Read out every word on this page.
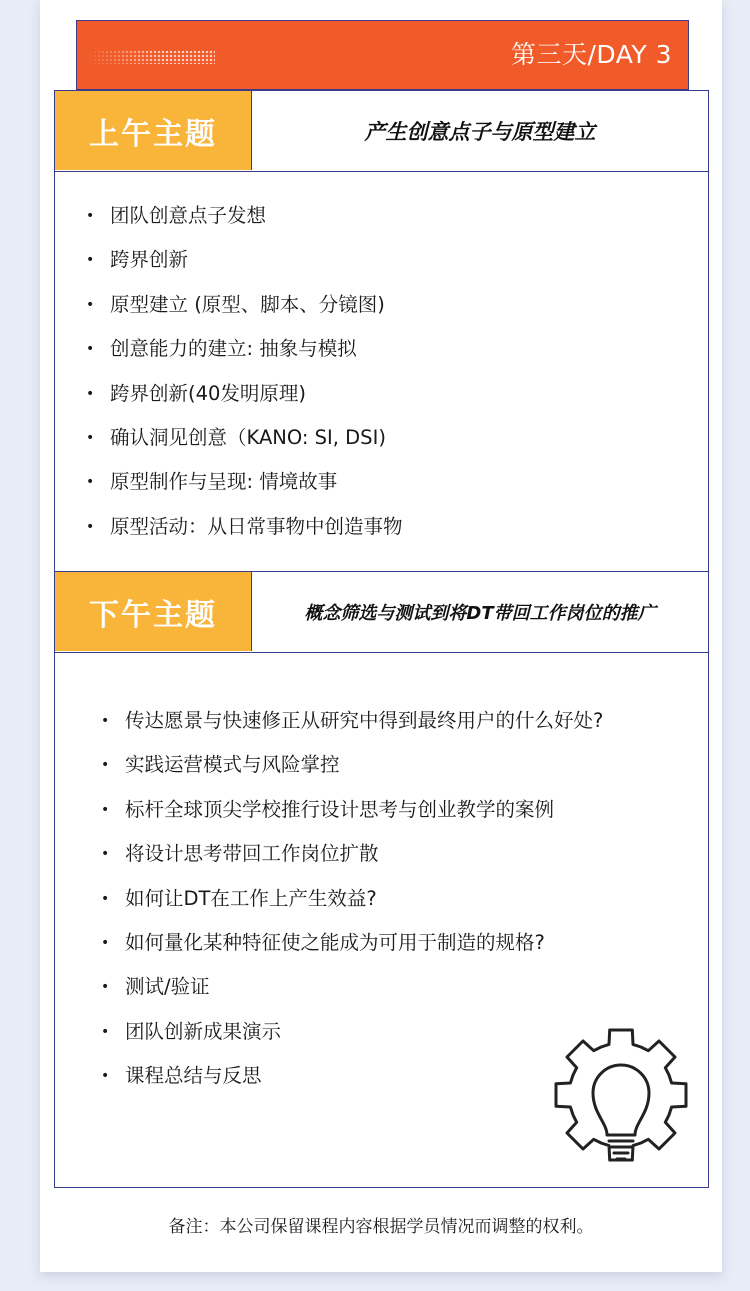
第三天/DAY 3
上午主题	产生创意点子与原型建立
• 团队创意点子发想
• 跨界创新
• 原型建立 (原型、脚本、分镜图)
• 创意能力的建立: 抽象与模拟
• 跨界创新(40发明原理)
• 确认洞见创意（KANO: SI, DSI)
• 原型制作与呈现: 情境故事
• 原型活动：从日常事物中创造事物
下午主题	概念筛选与测试到将DT带回工作岗位的推广
• 传达愿景与快速修正从研究中得到最终用户的什么好处?
• 实践运营模式与风险掌控
• 标杆全球顶尖学校推行设计思考与创业教学的案例
• 将设计思考带回工作岗位扩散
• 如何让DT在工作上产生效益?
• 如何量化某种特征使之能成为可用于制造的规格?
• 测试/验证
• 团队创新成果演示
• 课程总结与反思
备注：本公司保留课程内容根据学员情况而调整的权利。
